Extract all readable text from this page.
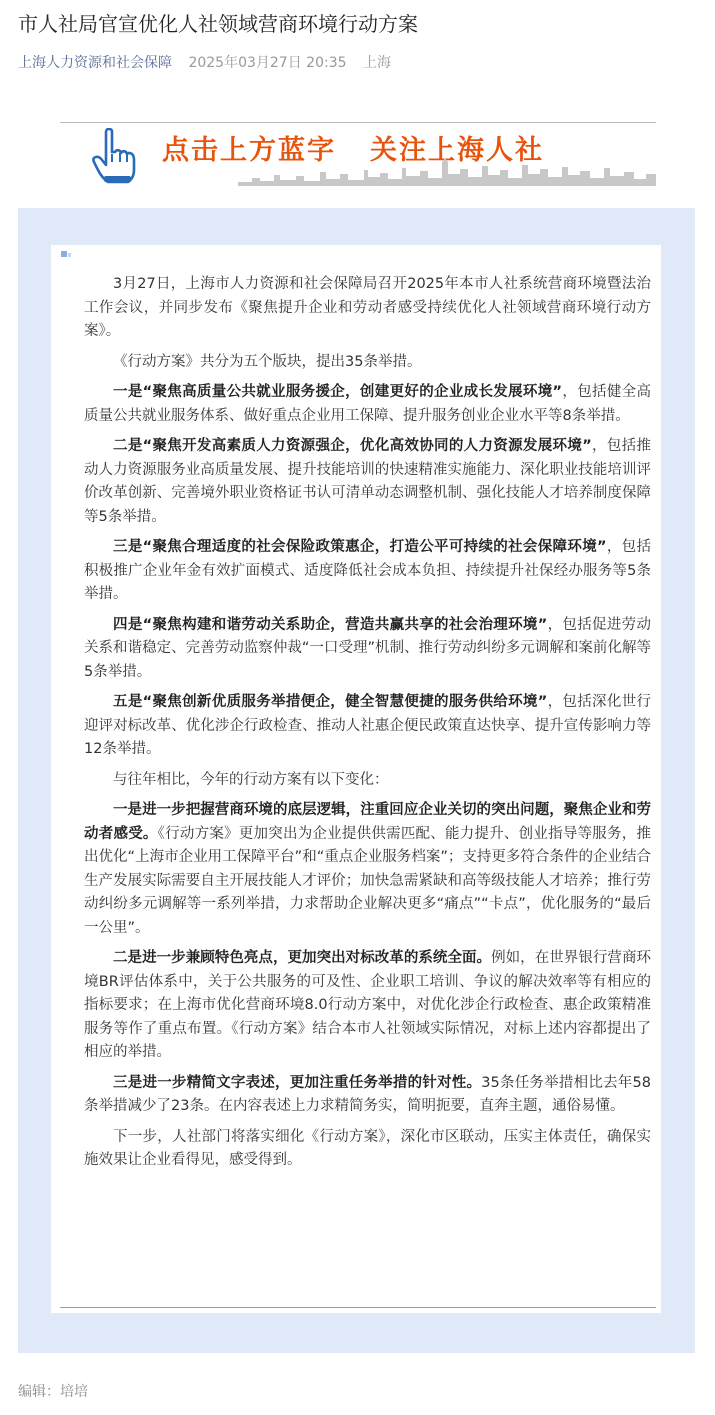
市人社局官宣优化人社领域营商环境行动方案
上海人力资源和社会保障 2025年03月27日 20:35 上海
点击上方蓝字 关注上海人社

3月27日，上海市人力资源和社会保障局召开2025年本市人社系统营商环境暨法治工作会议，并同步发布《聚焦提升企业和劳动者感受持续优化人社领域营商环境行动方案》。

《行动方案》共分为五个版块，提出35条举措。

一是“聚焦高质量公共就业服务援企，创建更好的企业成长发展环境”，包括健全高质量公共就业服务体系、做好重点企业用工保障、提升服务创业企业水平等8条举措。

二是“聚焦开发高素质人力资源强企，优化高效协同的人力资源发展环境”，包括推动人力资源服务业高质量发展、提升技能培训的快速精准实施能力、深化职业技能培训评价改革创新、完善境外职业资格证书认可清单动态调整机制、强化技能人才培养制度保障等5条举措。

三是“聚焦合理适度的社会保险政策惠企，打造公平可持续的社会保障环境”，包括积极推广企业年金有效扩面模式、适度降低社会成本负担、持续提升社保经办服务等5条举措。

四是“聚焦构建和谐劳动关系助企，营造共赢共享的社会治理环境”，包括促进劳动关系和谐稳定、完善劳动监察仲裁“一口受理”机制、推行劳动纠纷多元调解和案前化解等5条举措。

五是“聚焦创新优质服务举措便企，健全智慧便捷的服务供给环境”，包括深化世行迎评对标改革、优化涉企行政检查、推动人社惠企便民政策直达快享、提升宣传影响力等12条举措。

与往年相比，今年的行动方案有以下变化：

一是进一步把握营商环境的底层逻辑，注重回应企业关切的突出问题，聚焦企业和劳动者感受。《行动方案》更加突出为企业提供供需匹配、能力提升、创业指导等服务，推出优化“上海市企业用工保障平台”和“重点企业服务档案”；支持更多符合条件的企业结合生产发展实际需要自主开展技能人才评价；加快急需紧缺和高等级技能人才培养；推行劳动纠纷多元调解等一系列举措，力求帮助企业解决更多“痛点”“卡点”，优化服务的“最后一公里”。

二是进一步兼顾特色亮点，更加突出对标改革的系统全面。例如，在世界银行营商环境BR评估体系中，关于公共服务的可及性、企业职工培训、争议的解决效率等有相应的指标要求；在上海市优化营商环境8.0行动方案中，对优化涉企行政检查、惠企政策精准服务等作了重点布置。《行动方案》结合本市人社领域实际情况，对标上述内容都提出了相应的举措。

三是进一步精简文字表述，更加注重任务举措的针对性。35条任务举措相比去年58条举措减少了23条。在内容表述上力求精简务实，简明扼要，直奔主题，通俗易懂。

下一步，人社部门将落实细化《行动方案》，深化市区联动，压实主体责任，确保实施效果让企业看得见，感受得到。

编辑：培培
